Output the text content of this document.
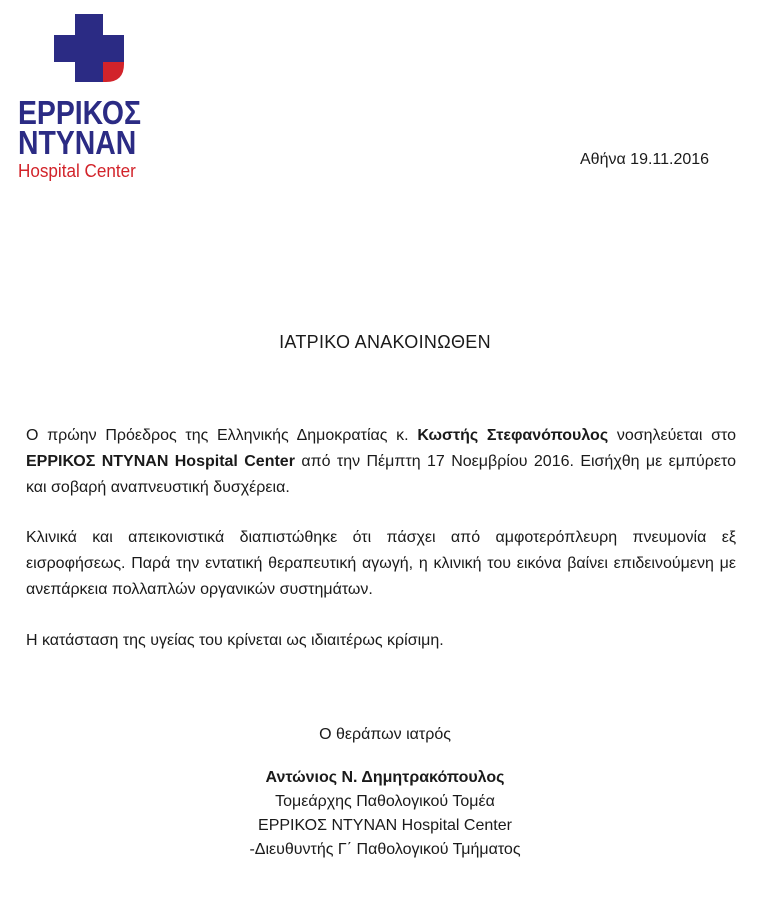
ΕΡΡΙΚΟΣ
ΝΤΥΝΑΝ
Hospital Center
Αθήνα 19.11.2016
ΙΑΤΡΙΚΟ ΑΝΑΚΟΙΝΩΘΕΝ
Ο πρώην Πρόεδρος της Ελληνικής Δημοκρατίας κ. Κωστής Στεφανόπουλος νοσηλεύεται στο ΕΡΡΙΚΟΣ ΝΤΥΝΑΝ Hospital Center από την Πέμπτη 17 Νοεμβρίου 2016. Εισήχθη με εμπύρετο και σοβαρή αναπνευστική δυσχέρεια.
Κλινικά και απεικονιστικά διαπιστώθηκε ότι πάσχει από αμφοτερόπλευρη πνευμονία εξ εισροφήσεως. Παρά την εντατική θεραπευτική αγωγή, η κλινική του εικόνα βαίνει επιδεινούμενη με ανεπάρκεια πολλαπλών οργανικών συστημάτων.
Η κατάσταση της υγείας του κρίνεται ως ιδιαιτέρως κρίσιμη.
Ο θεράπων ιατρός
Αντώνιος Ν. Δημητρακόπουλος
Τομεάρχης Παθολογικού Τομέα
ΕΡΡΙΚΟΣ ΝΤΥΝΑΝ Hospital Center
-Διευθυντής Γ΄ Παθολογικού Τμήματος
